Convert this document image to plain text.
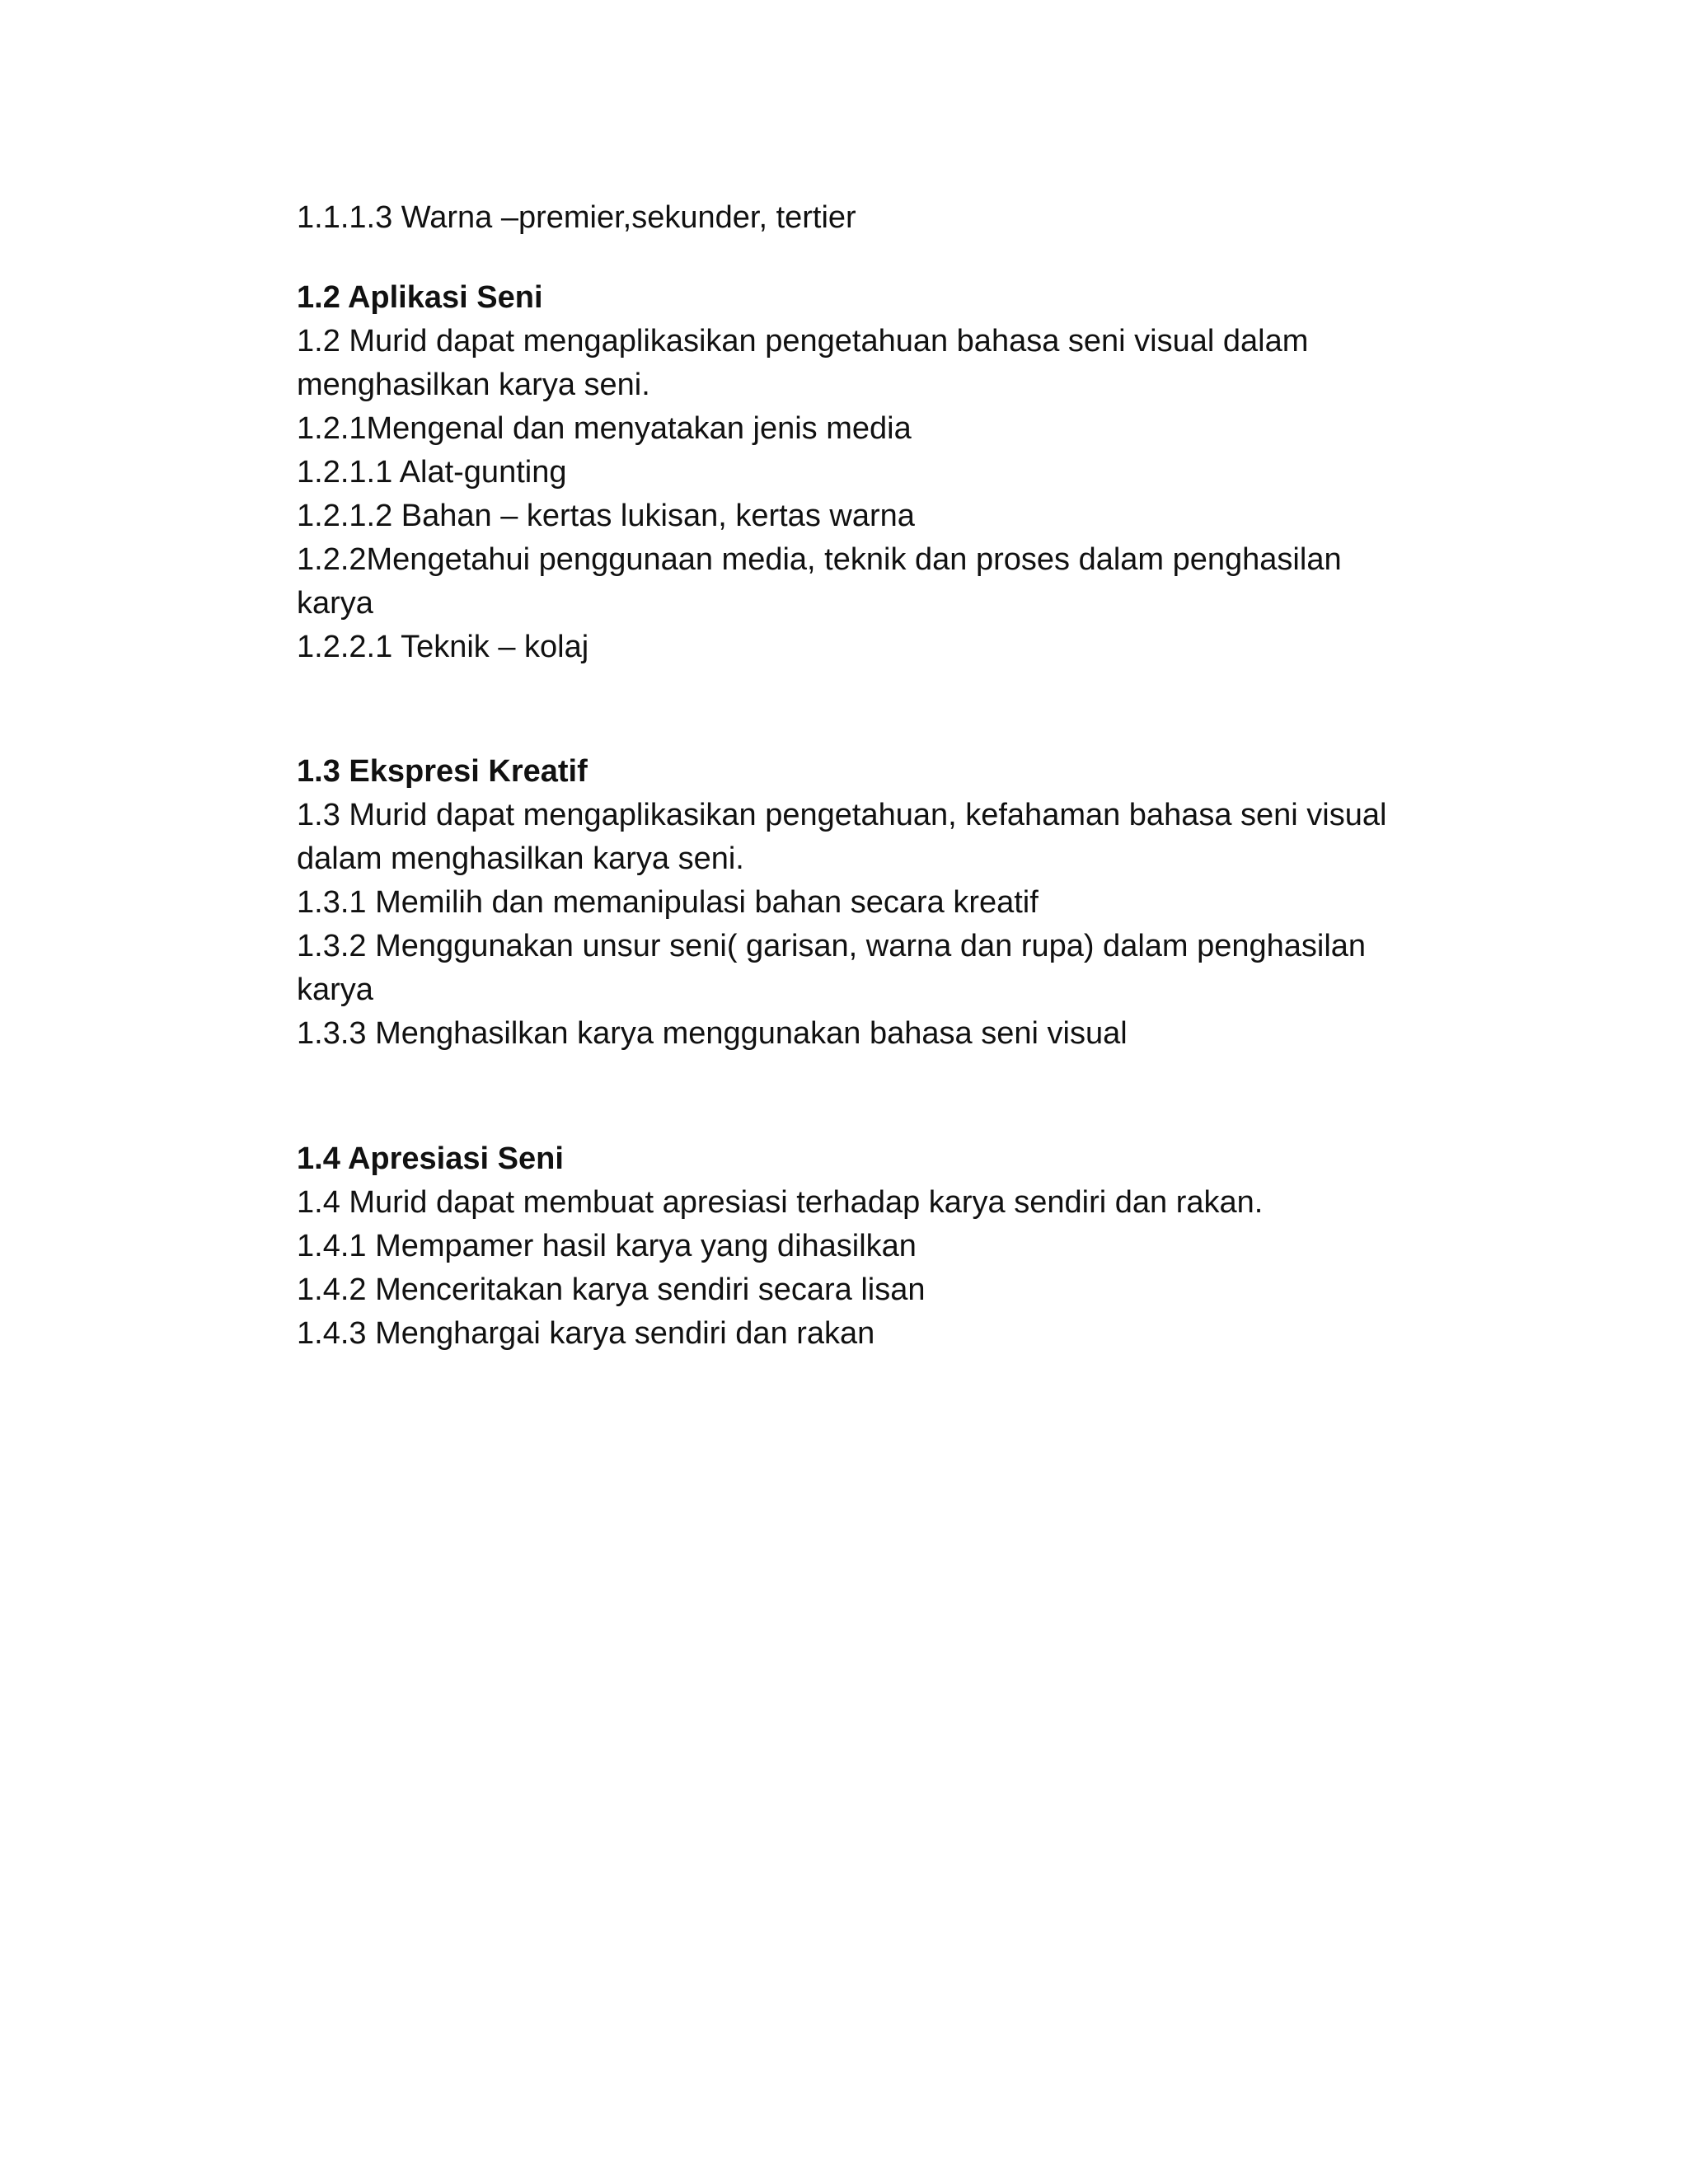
1.1.1.3 Warna –premier,sekunder, tertier

1.2 Aplikasi Seni

1.2 Murid dapat mengaplikasikan pengetahuan bahasa seni visual dalam menghasilkan karya seni.

1.2.1Mengenal dan menyatakan jenis media

1.2.1.1 Alat-gunting

1.2.1.2 Bahan – kertas lukisan, kertas warna

1.2.2Mengetahui penggunaan media, teknik dan proses dalam penghasilan karya

1.2.2.1 Teknik – kolaj

1.3 Ekspresi Kreatif

1.3 Murid dapat mengaplikasikan pengetahuan, kefahaman bahasa seni visual dalam menghasilkan karya seni.

1.3.1 Memilih dan memanipulasi bahan secara kreatif

1.3.2 Menggunakan unsur seni( garisan, warna dan rupa) dalam penghasilan karya

1.3.3 Menghasilkan karya menggunakan bahasa seni visual

1.4 Apresiasi Seni

1.4 Murid dapat membuat apresiasi terhadap karya sendiri dan rakan.

1.4.1 Mempamer hasil karya yang dihasilkan

1.4.2 Menceritakan karya sendiri secara lisan

1.4.3 Menghargai karya sendiri dan rakan
